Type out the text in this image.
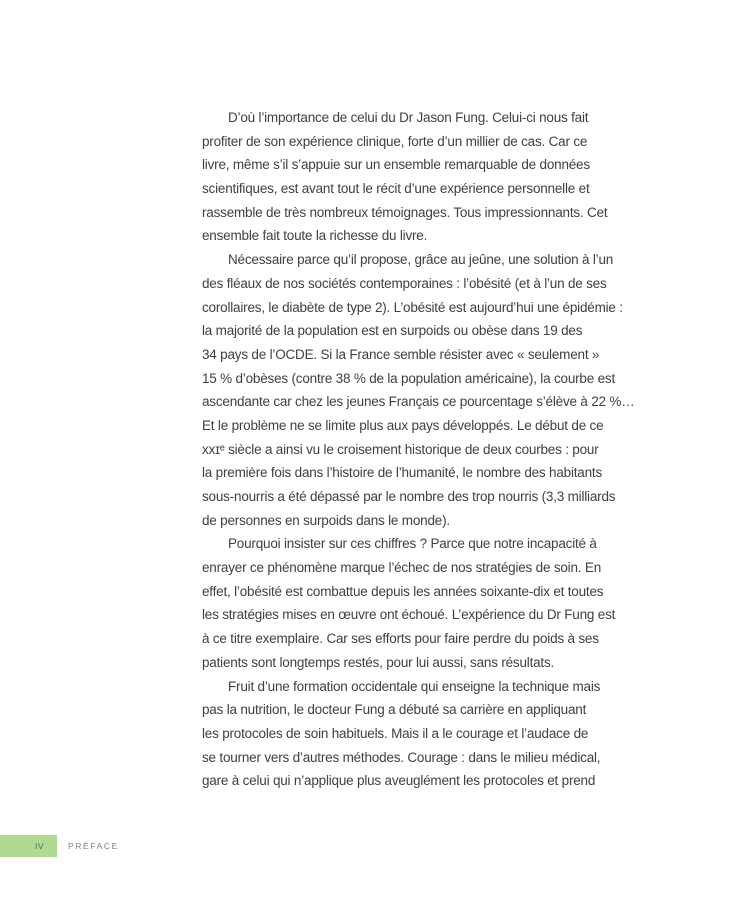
D’où l’importance de celui du Dr Jason Fung. Celui-ci nous fait
profiter de son expérience clinique, forte d’un millier de cas. Car ce
livre, même s’il s’appuie sur un ensemble remarquable de données
scientifiques, est avant tout le récit d’une expérience personnelle et
rassemble de très nombreux témoignages. Tous impressionnants. Cet
ensemble fait toute la richesse du livre.

Nécessaire parce qu’il propose, grâce au jeûne, une solution à l’un
des fléaux de nos sociétés contemporaines : l’obésité (et à l’un de ses
corollaires, le diabète de type 2). L’obésité est aujourd’hui une épidémie :
la majorité de la population est en surpoids ou obèse dans 19 des
34 pays de l’OCDE. Si la France semble résister avec « seulement »
15 % d’obèses (contre 38 % de la population américaine), la courbe est
ascendante car chez les jeunes Français ce pourcentage s’élève à 22 %…
Et le problème ne se limite plus aux pays développés. Le début de ce
xxɪᵉ siècle a ainsi vu le croisement historique de deux courbes : pour
la première fois dans l’histoire de l’humanité, le nombre des habitants
sous-nourris a été dépassé par le nombre des trop nourris (3,3 milliards
de personnes en surpoids dans le monde).

Pourquoi insister sur ces chiffres ? Parce que notre incapacité à
enrayer ce phénomène marque l’échec de nos stratégies de soin. En
effet, l’obésité est combattue depuis les années soixante-dix et toutes
les stratégies mises en œuvre ont échoué. L’expérience du Dr Fung est
à ce titre exemplaire. Car ses efforts pour faire perdre du poids à ses
patients sont longtemps restés, pour lui aussi, sans résultats.

Fruit d’une formation occidentale qui enseigne la technique mais
pas la nutrition, le docteur Fung a débuté sa carrière en appliquant
les protocoles de soin habituels. Mais il a le courage et l’audace de
se tourner vers d’autres méthodes. Courage : dans le milieu médical,
gare à celui qui n’applique plus aveuglément les protocoles et prend

IV	PRÉFACE
